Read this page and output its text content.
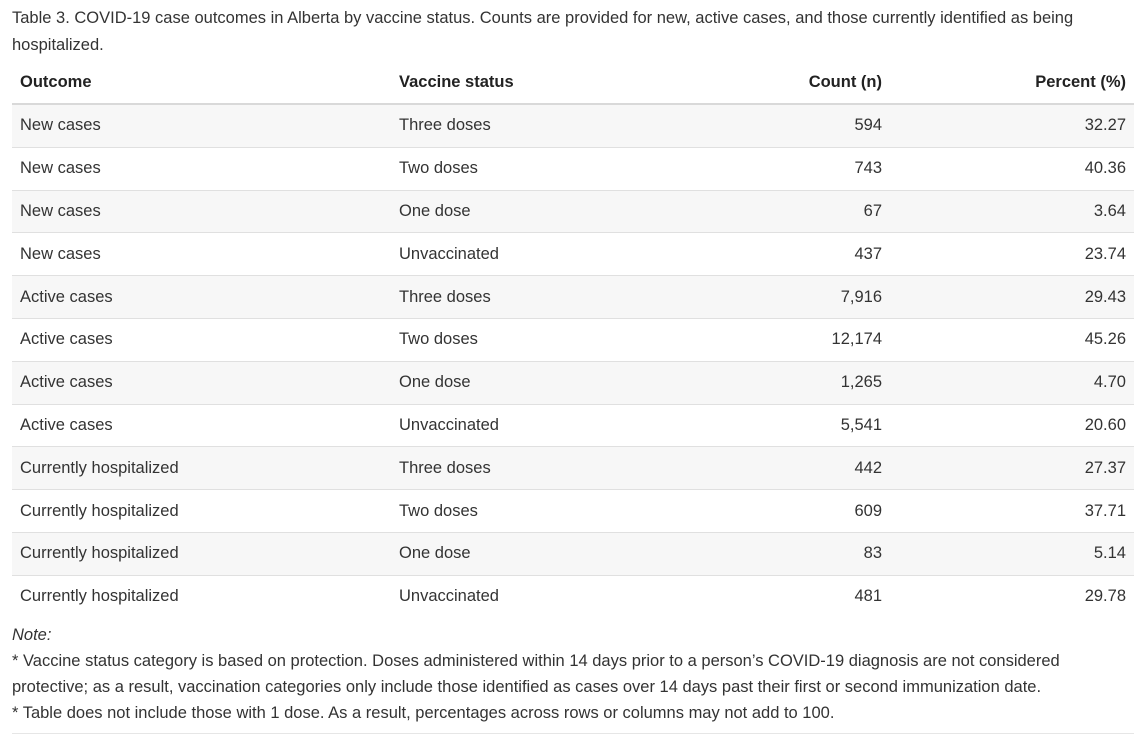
Table 3. COVID-19 case outcomes in Alberta by vaccine status. Counts are provided for new, active cases, and those currently identified as being hospitalized.

Outcome	Vaccine status	Count (n)	Percent (%)
New cases	Three doses	594	32.27
New cases	Two doses	743	40.36
New cases	One dose	67	3.64
New cases	Unvaccinated	437	23.74
Active cases	Three doses	7,916	29.43
Active cases	Two doses	12,174	45.26
Active cases	One dose	1,265	4.70
Active cases	Unvaccinated	5,541	20.60
Currently hospitalized	Three doses	442	27.37
Currently hospitalized	Two doses	609	37.71
Currently hospitalized	One dose	83	5.14
Currently hospitalized	Unvaccinated	481	29.78
Note:
* Vaccine status category is based on protection. Doses administered within 14 days prior to a person’s COVID-19 diagnosis are not considered protective; as a result, vaccination categories only include those identified as cases over 14 days past their first or second immunization date.
* Table does not include those with 1 dose. As a result, percentages across rows or columns may not add to 100.
